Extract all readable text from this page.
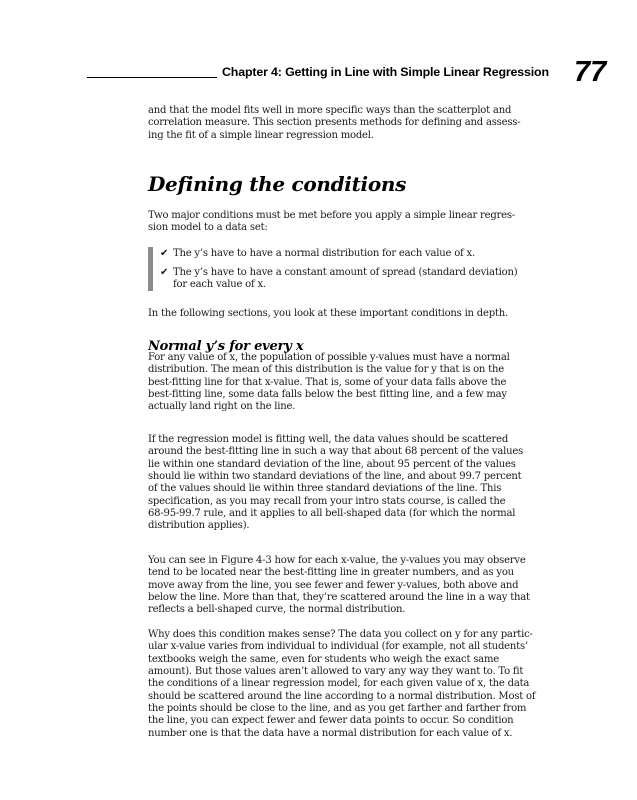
Chapter 4: Getting in Line with Simple Linear Regression 77

and that the model fits well in more specific ways than the scatterplot and
correlation measure. This section presents methods for defining and assess-
ing the fit of a simple linear regression model.

Defining the conditions

Two major conditions must be met before you apply a simple linear regres-
sion model to a data set:

✔ The y’s have to have a normal distribution for each value of x.
✔ The y’s have to have a constant amount of spread (standard deviation)
for each value of x.

In the following sections, you look at these important conditions in depth.

Normal y’s for every x

For any value of x, the population of possible y-values must have a normal
distribution. The mean of this distribution is the value for y that is on the
best-fitting line for that x-value. That is, some of your data falls above the
best-fitting line, some data falls below the best fitting line, and a few may
actually land right on the line.

If the regression model is fitting well, the data values should be scattered
around the best-fitting line in such a way that about 68 percent of the values
lie within one standard deviation of the line, about 95 percent of the values
should lie within two standard deviations of the line, and about 99.7 percent
of the values should lie within three standard deviations of the line. This
specification, as you may recall from your intro stats course, is called the
68-95-99.7 rule, and it applies to all bell-shaped data (for which the normal
distribution applies).

You can see in Figure 4-3 how for each x-value, the y-values you may observe
tend to be located near the best-fitting line in greater numbers, and as you
move away from the line, you see fewer and fewer y-values, both above and
below the line. More than that, they’re scattered around the line in a way that
reflects a bell-shaped curve, the normal distribution.

Why does this condition makes sense? The data you collect on y for any partic-
ular x-value varies from individual to individual (for example, not all students’
textbooks weigh the same, even for students who weigh the exact same
amount). But those values aren’t allowed to vary any way they want to. To fit
the conditions of a linear regression model, for each given value of x, the data
should be scattered around the line according to a normal distribution. Most of
the points should be close to the line, and as you get farther and farther from
the line, you can expect fewer and fewer data points to occur. So condition
number one is that the data have a normal distribution for each value of x.
